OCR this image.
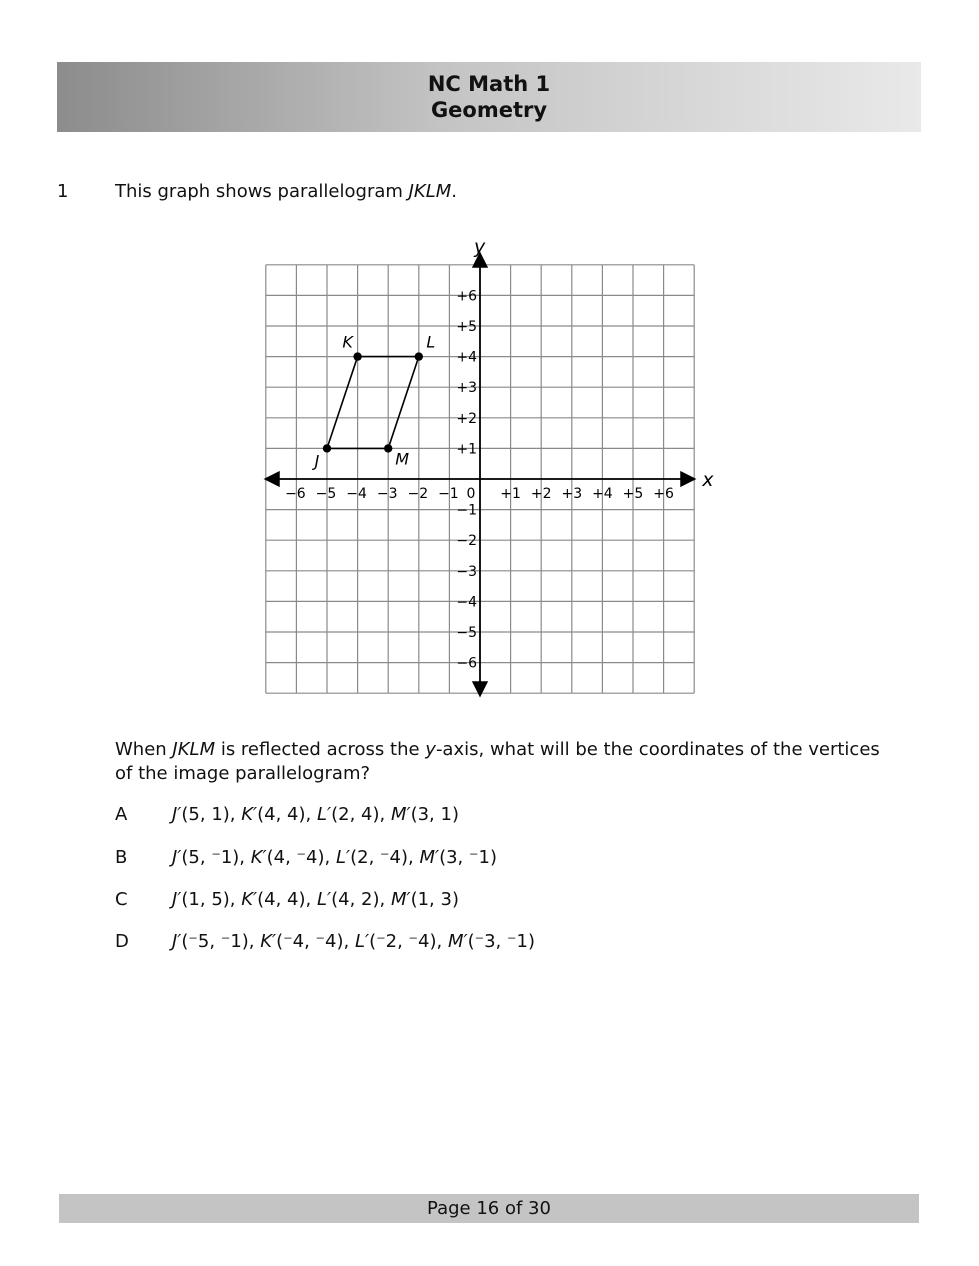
NC Math 1
Geometry
1	This graph shows parallelogram JKLM.
x
y
−6 −5 −4 −3 −2 −1 0 +1 +2 +3 +4 +5 +6
+6
+5
+4
+3
+2
+1
−1
−2
−3
−4
−5
−6
J
K	L
M
When JKLM is reflected across the y-axis, what will be the coordinates of the vertices of the image parallelogram?
A J′(5, 1), K′(4, 4), L′(2, 4), M′(3, 1)
B J′(5, ⁻1), K′(4, ⁻4), L′(2, ⁻4), M′(3, ⁻1)
C J′(1, 5), K′(4, 4), L′(4, 2), M′(1, 3)
D J′(⁻5, ⁻1), K′(⁻4, ⁻4), L′(⁻2, ⁻4), M′(⁻3, ⁻1)
Page 16 of 30
